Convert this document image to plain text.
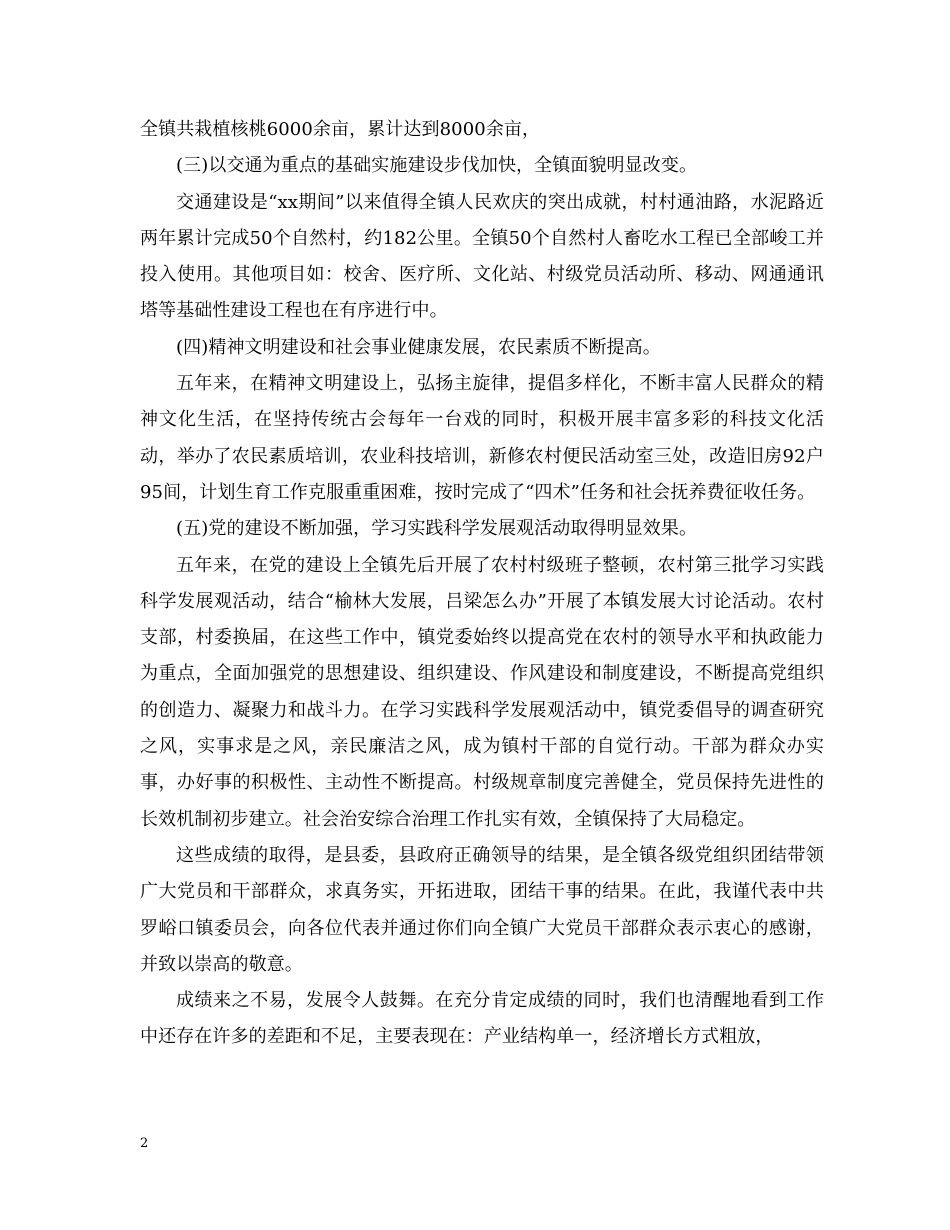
全镇共栽植核桃6000余亩，累计达到8000余亩，

(三)以交通为重点的基础实施建设步伐加快，全镇面貌明显改变。

交通建设是“xx期间”以来值得全镇人民欢庆的突出成就，村村通油路，水泥路近两年累计完成50个自然村，约182公里。全镇50个自然村人畜吃水工程已全部峻工并投入使用。其他项目如：校舍、医疗所、文化站、村级党员活动所、移动、网通通讯塔等基础性建设工程也在有序进行中。

(四)精神文明建设和社会事业健康发展，农民素质不断提高。

五年来，在精神文明建设上，弘扬主旋律，提倡多样化，不断丰富人民群众的精神文化生活，在坚持传统古会每年一台戏的同时，积极开展丰富多彩的科技文化活动，举办了农民素质培训，农业科技培训，新修农村便民活动室三处，改造旧房92户95间，计划生育工作克服重重困难，按时完成了“四术”任务和社会抚养费征收任务。

(五)党的建设不断加强，学习实践科学发展观活动取得明显效果。

五年来，在党的建设上全镇先后开展了农村村级班子整顿，农村第三批学习实践科学发展观活动，结合“榆林大发展，吕梁怎么办”开展了本镇发展大讨论活动。农村支部，村委换届，在这些工作中，镇党委始终以提高党在农村的领导水平和执政能力为重点，全面加强党的思想建设、组织建设、作风建设和制度建设，不断提高党组织的创造力、凝聚力和战斗力。在学习实践科学发展观活动中，镇党委倡导的调查研究之风，实事求是之风，亲民廉洁之风，成为镇村干部的自觉行动。干部为群众办实事，办好事的积极性、主动性不断提高。村级规章制度完善健全，党员保持先进性的长效机制初步建立。社会治安综合治理工作扎实有效，全镇保持了大局稳定。

这些成绩的取得，是县委，县政府正确领导的结果，是全镇各级党组织团结带领广大党员和干部群众，求真务实，开拓进取，团结干事的结果。在此，我谨代表中共罗峪口镇委员会，向各位代表并通过你们向全镇广大党员干部群众表示衷心的感谢，并致以崇高的敬意。

成绩来之不易，发展令人鼓舞。在充分肯定成绩的同时，我们也清醒地看到工作中还存在许多的差距和不足，主要表现在：产业结构单一，经济增长方式粗放，

2
